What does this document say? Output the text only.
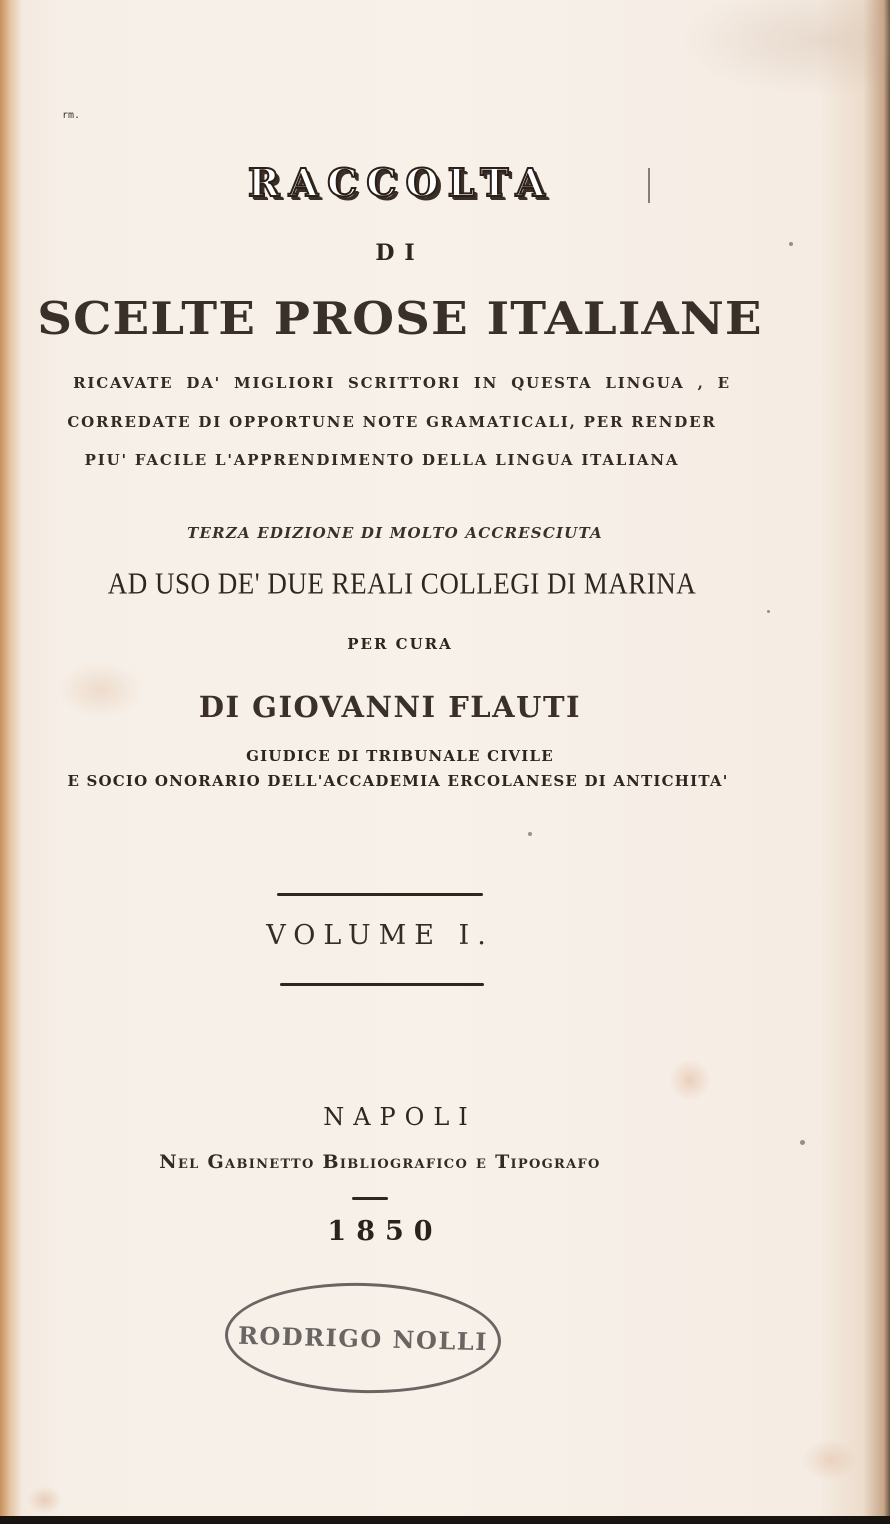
rm.
RACCOLTA
DI
SCELTE PROSE ITALIANE
RICAVATE DA' MIGLIORI SCRITTORI IN QUESTA LINGUA , E
CORREDATE DI OPPORTUNE NOTE GRAMATICALI, PER RENDER
PIU' FACILE L'APPRENDIMENTO DELLA LINGUA ITALIANA
TERZA EDIZIONE DI MOLTO ACCRESCIUTA
AD USO DE' DUE REALI COLLEGI DI MARINA
PER CURA
DI GIOVANNI FLAUTI
GIUDICE DI TRIBUNALE CIVILE
E SOCIO ONORARIO DELL'ACCADEMIA ERCOLANESE DI ANTICHITA'
VOLUME I.
NAPOLI
Nel Gabinetto Bibliografico e Tipografo
1850
RODRIGO NOLLI
